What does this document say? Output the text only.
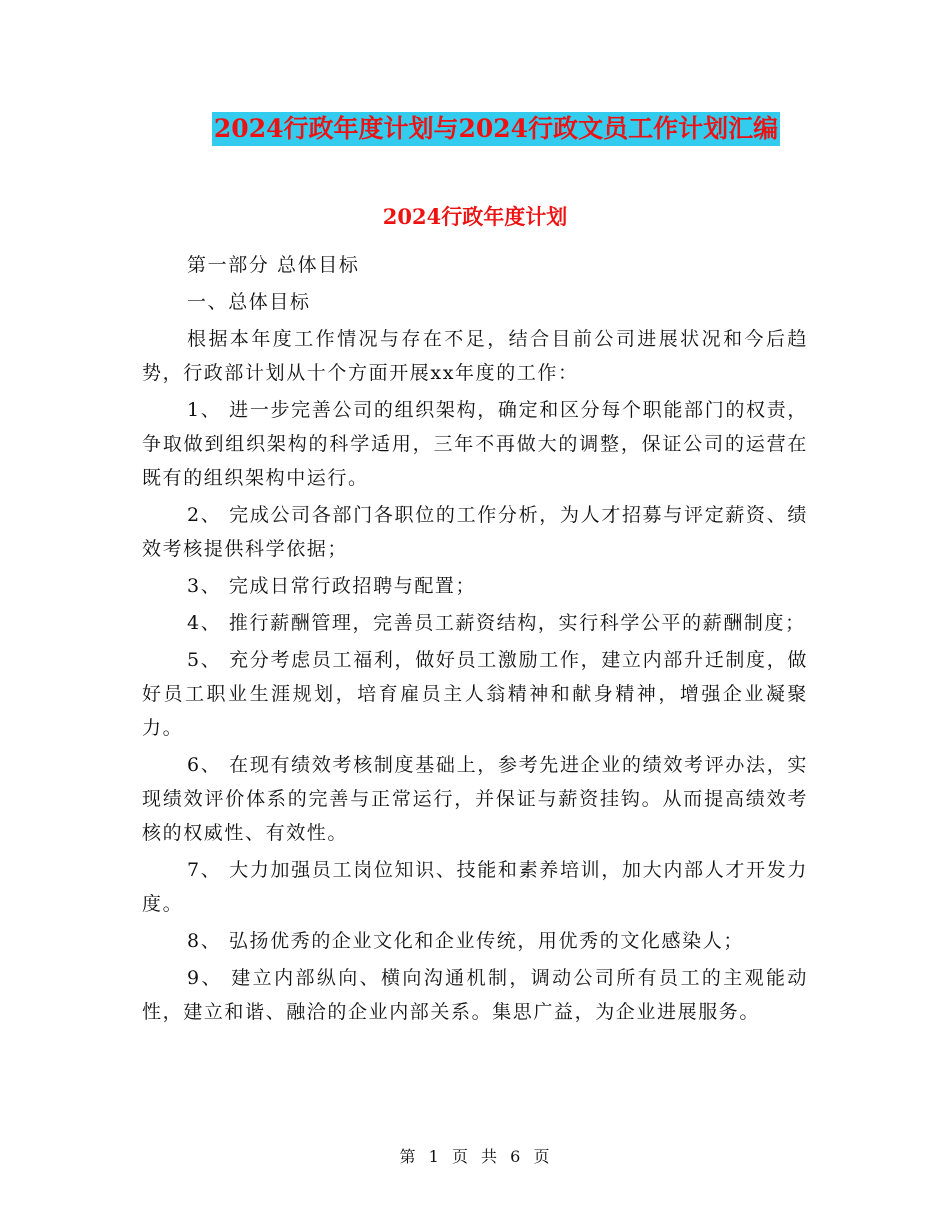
2024行政年度计划与2024行政文员工作计划汇编
2024行政年度计划

第一部分 总体目标

一、总体目标

根据本年度工作情况与存在不足，结合目前公司进展状况和今后趋势，行政部计划从十个方面开展xx年度的工作：

1、 进一步完善公司的组织架构，确定和区分每个职能部门的权责，争取做到组织架构的科学适用，三年不再做大的调整，保证公司的运营在既有的组织架构中运行。

2、 完成公司各部门各职位的工作分析，为人才招募与评定薪资、绩效考核提供科学依据；

3、 完成日常行政招聘与配置；

4、 推行薪酬管理，完善员工薪资结构，实行科学公平的薪酬制度；

5、 充分考虑员工福利，做好员工激励工作，建立内部升迁制度，做好员工职业生涯规划，培育雇员主人翁精神和献身精神，增强企业凝聚力。

6、 在现有绩效考核制度基础上，参考先进企业的绩效考评办法，实现绩效评价体系的完善与正常运行，并保证与薪资挂钩。从而提高绩效考核的权威性、有效性。

7、 大力加强员工岗位知识、技能和素养培训，加大内部人才开发力度。

8、 弘扬优秀的企业文化和企业传统，用优秀的文化感染人；

9、 建立内部纵向、横向沟通机制，调动公司所有员工的主观能动性，建立和谐、融洽的企业内部关系。集思广益，为企业进展服务。

第 1 页 共 6 页
